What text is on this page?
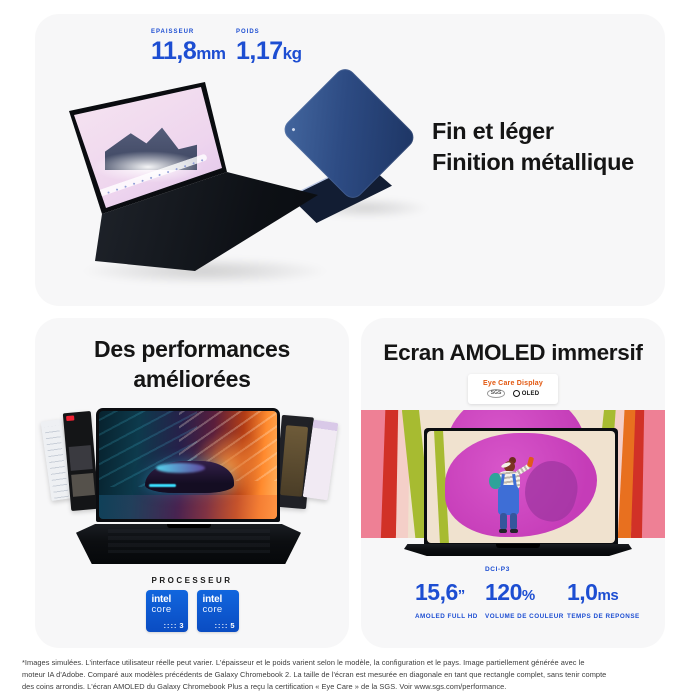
EPAISSEUR
11,8mm
POIDS
1,17kg
Fin et léger
Finition métallique
Des performances
améliorées
PROCESSEUR
intel
core
3
intel
core
5
Ecran AMOLED immersif
Eye Care Display
SGS	OLED
15,6”
AMOLED FULL HD
DCI-P3
120%
VOLUME DE COULEUR
1,0ms
TEMPS DE REPONSE
*Images simulées. L'interface utilisateur réelle peut varier. L'épaisseur et le poids varient selon le modèle, la configuration et le pays. Image partiellement générée avec le
moteur IA d'Adobe. Comparé aux modèles précédents de Galaxy Chromebook 2. La taille de l'écran est mesurée en diagonale en tant que rectangle complet, sans tenir compte
des coins arrondis. L'écran AMOLED du Galaxy Chromebook Plus a reçu la certification « Eye Care » de la SGS. Voir www.sgs.com/performance.
